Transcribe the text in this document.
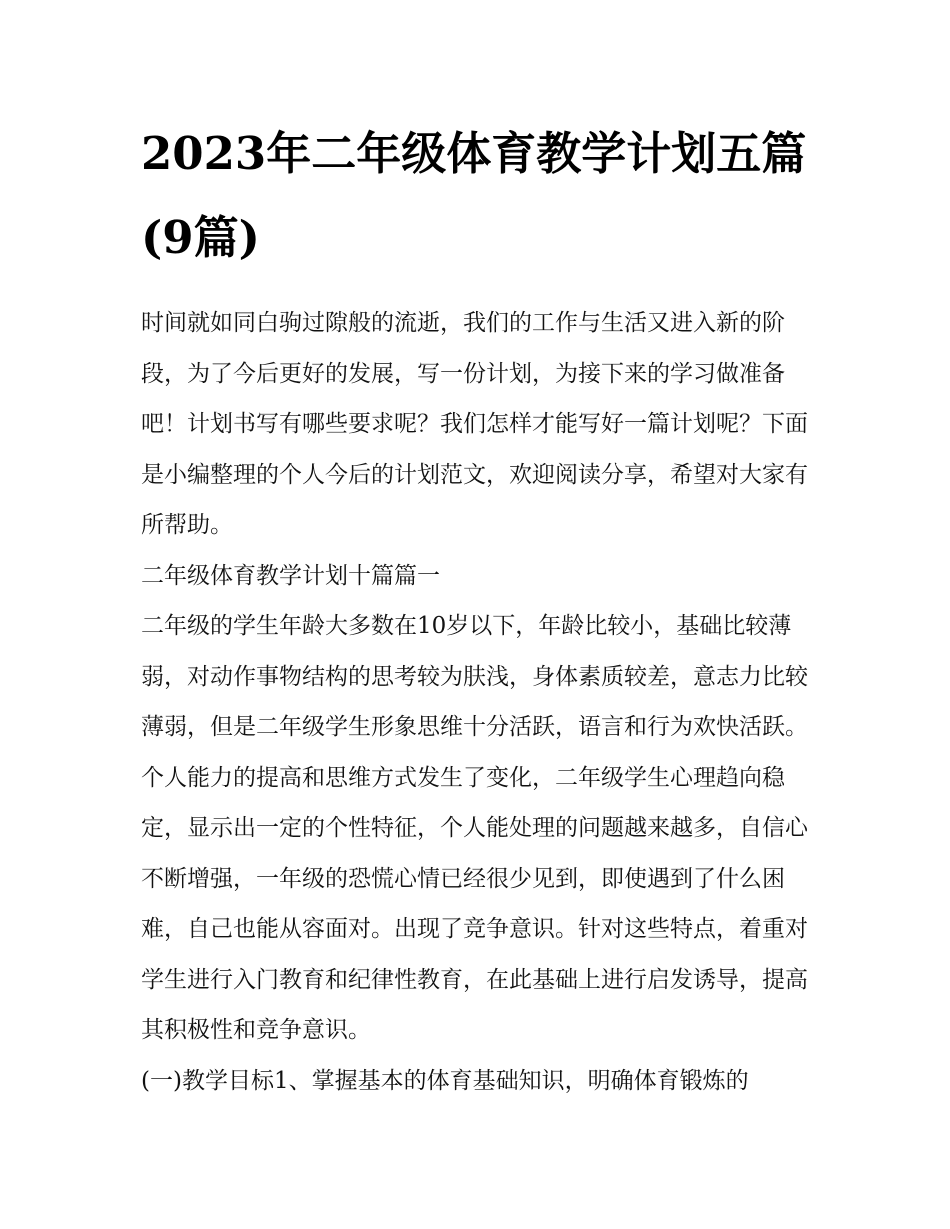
2023年二年级体育教学计划五篇(9篇)

时间就如同白驹过隙般的流逝，我们的工作与生活又进入新的阶段，为了今后更好的发展，写一份计划，为接下来的学习做准备吧！计划书写有哪些要求呢？我们怎样才能写好一篇计划呢？下面是小编整理的个人今后的计划范文，欢迎阅读分享，希望对大家有所帮助。

二年级体育教学计划十篇篇一

二年级的学生年龄大多数在10岁以下，年龄比较小，基础比较薄弱，对动作事物结构的思考较为肤浅，身体素质较差，意志力比较薄弱，但是二年级学生形象思维十分活跃，语言和行为欢快活跃。个人能力的提高和思维方式发生了变化，二年级学生心理趋向稳定，显示出一定的个性特征，个人能处理的问题越来越多，自信心不断增强，一年级的恐慌心情已经很少见到，即使遇到了什么困难，自己也能从容面对。出现了竞争意识。针对这些特点，着重对学生进行入门教育和纪律性教育，在此基础上进行启发诱导，提高其积极性和竞争意识。

(一)教学目标1、掌握基本的体育基础知识，明确体育锻炼的
